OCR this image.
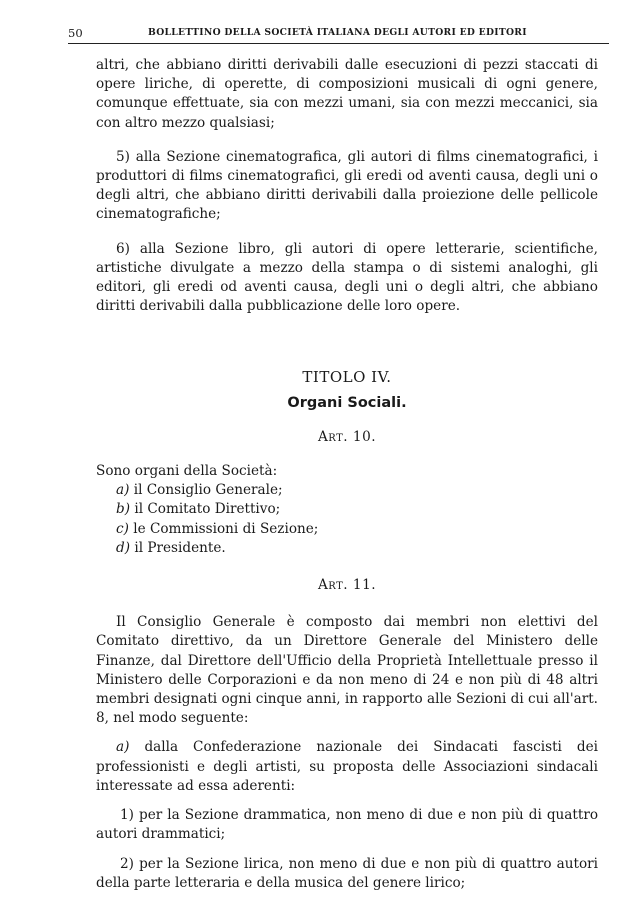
50	BOLLETTINO DELLA SOCIETÀ ITALIANA DEGLI AUTORI ED EDITORI

altri, che abbiano diritti derivabili dalle esecuzioni di pezzi staccati di opere liriche, di operette, di composizioni musicali di ogni genere, comunque effettuate, sia con mezzi umani, sia con mezzi meccanici, sia con altro mezzo qualsiasi;

5) alla Sezione cinematografica, gli autori di films cinematografici, i produttori di films cinematografici, gli eredi od aventi causa, degli uni o degli altri, che abbiano diritti derivabili dalla proiezione delle pellicole cinematografiche;

6) alla Sezione libro, gli autori di opere letterarie, scientifiche, artistiche divulgate a mezzo della stampa o di sistemi analoghi, gli editori, gli eredi od aventi causa, degli uni o degli altri, che abbiano diritti derivabili dalla pubblicazione delle loro opere.

TITOLO IV.

Organi Sociali.

Art. 10.

Sono organi della Società:

a) il Consiglio Generale;
b) il Comitato Direttivo;
c) le Commissioni di Sezione;
d) il Presidente.

Art. 11.

Il Consiglio Generale è composto dai membri non elettivi del Comitato direttivo, da un Direttore Generale del Ministero delle Finanze, dal Direttore dell'Ufficio della Proprietà Intellettuale presso il Ministero delle Corporazioni e da non meno di 24 e non più di 48 altri membri designati ogni cinque anni, in rapporto alle Sezioni di cui all'art. 8, nel modo seguente:

a) dalla Confederazione nazionale dei Sindacati fascisti dei professionisti e degli artisti, su proposta delle Associazioni sindacali interessate ad essa aderenti:

1) per la Sezione drammatica, non meno di due e non più di quattro autori drammatici;

2) per la Sezione lirica, non meno di due e non più di quattro autori della parte letteraria e della musica del genere lirico;
